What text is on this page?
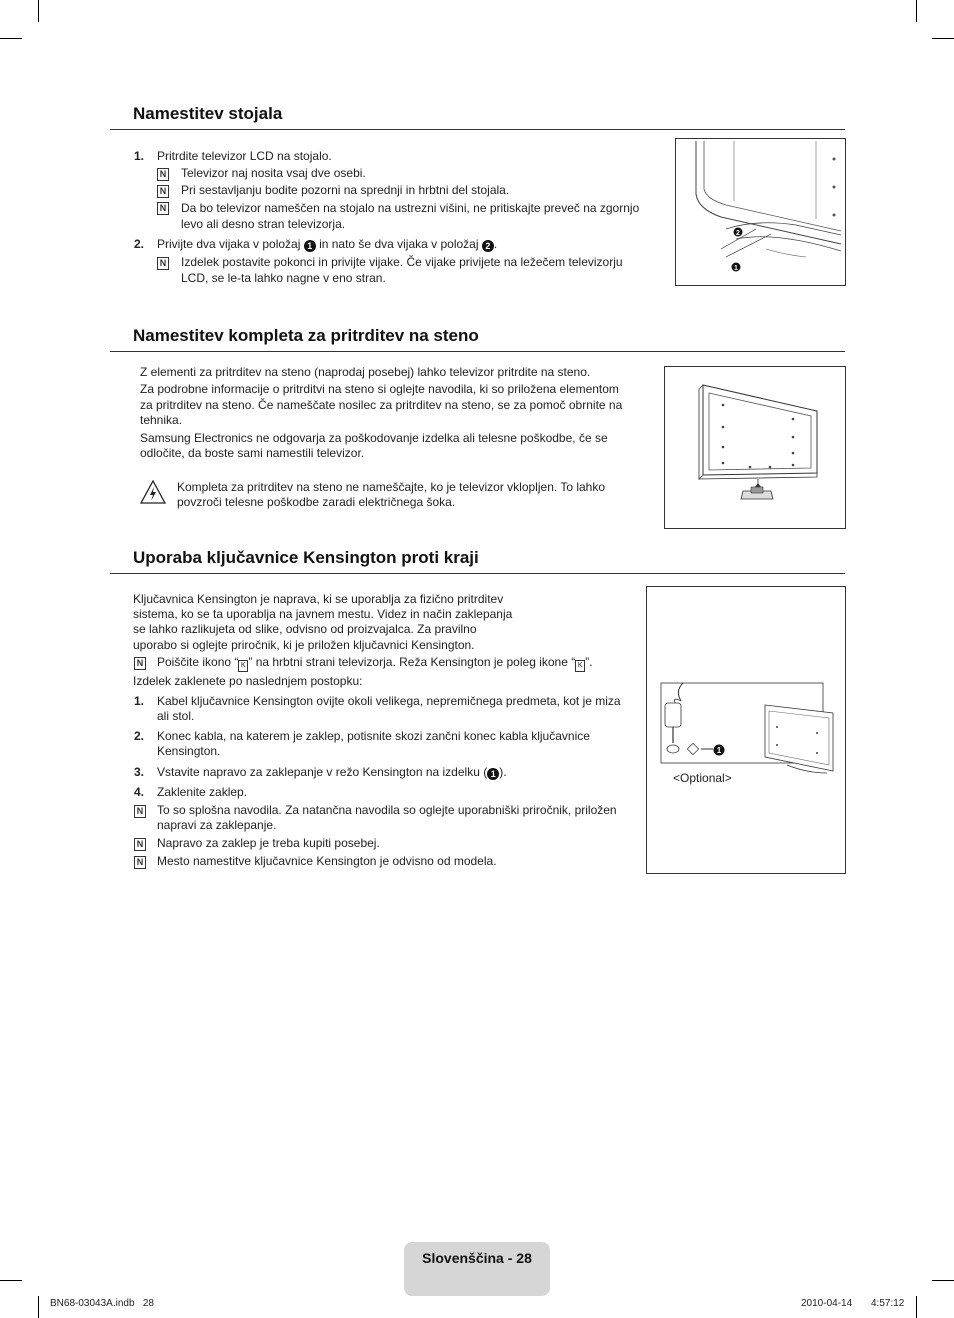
Namestitev stojala
1. Pritrdite televizor LCD na stojalo.
N Televizor naj nosita vsaj dve osebi.
N Pri sestavljanju bodite pozorni na sprednji in hrbtni del stojala.
N Da bo televizor nameščen na stojalo na ustrezni višini, ne pritiskajte preveč na zgornjo
levo ali desno stran televizorja.
2. Privijte dva vijaka v položaj 1 in nato še dva vijaka v položaj 2 .
N Izdelek postavite pokonci in privijte vijake. Če vijake privijete na ležečem televizorju
LCD, se le-ta lahko nagne v eno stran.
2
1
Namestitev kompleta za pritrditev na steno
Z elementi za pritrditev na steno (naprodaj posebej) lahko televizor pritrdite na steno.
Za podrobne informacije o pritrditvi na steno si oglejte navodila, ki so priložena elementom
za pritrditev na steno. Če nameščate nosilec za pritrditev na steno, se za pomoč obrnite na
tehnika.
Samsung Electronics ne odgovarja za poškodovanje izdelka ali telesne poškodbe, če se
odločite, da boste sami namestili televizor.
Kompleta za pritrditev na steno ne nameščajte, ko je televizor vklopljen. To lahko
povzroči telesne poškodbe zaradi električnega šoka.
Uporaba ključavnice Kensington proti kraji
Ključavnica Kensington je naprava, ki se uporablja za fizično pritrditev
sistema, ko se ta uporablja na javnem mestu. Videz in način zaklepanja
se lahko razlikujeta od slike, odvisno od proizvajalca. Za pravilno
uporabo si oglejte priročnik, ki je priložen ključavnici Kensington.
N Poiščite ikono “ K ” na hrbtni strani televizorja. Reža Kensington je poleg ikone “ K ”.
Izdelek zaklenete po naslednjem postopku:
1. Kabel ključavnice Kensington ovijte okoli velikega, nepremičnega predmeta, kot je miza
ali stol.
2. Konec kabla, na katerem je zaklep, potisnite skozi zančni konec kabla ključavnice
Kensington.
3. Vstavite napravo za zaklepanje v režo Kensington na izdelku ( 1 ).
4. Zaklenite zaklep.
N To so splošna navodila. Za natančna navodila so oglejte uporabniški priročnik, priložen
napravi za zaklepanje.
N Napravo za zaklep je treba kupiti posebej.
N Mesto namestitve ključavnice Kensington je odvisno od modela.
1
<Optional>
Slovenščina - 28
BN68-03043A.indb   28	2010-04-14 4:57:12
